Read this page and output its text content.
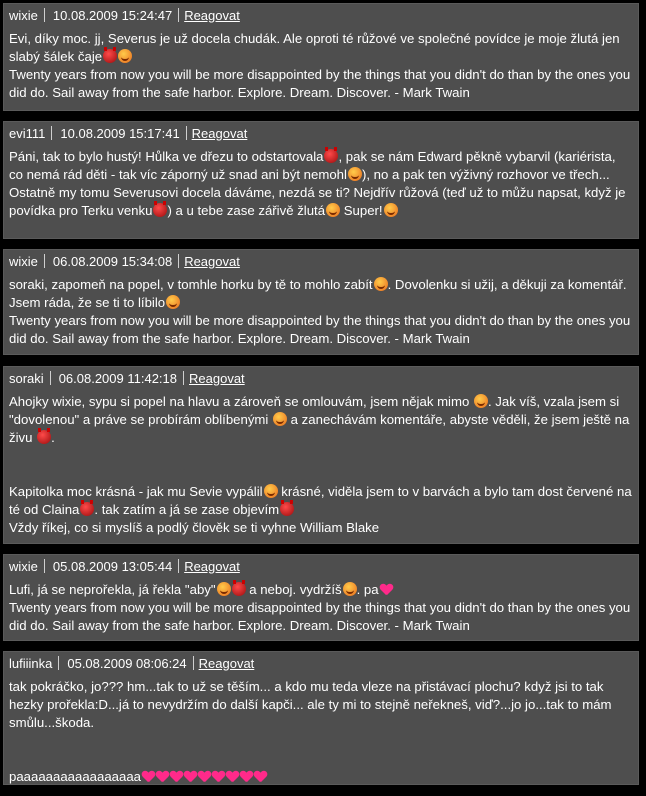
wixie	10.08.2009 15:24:47 Reagovat
Evi, díky moc. jj, Severus je už docela chudák. Ale oproti té růžové ve společné povídce je moje žlutá jen slabý šálek čaje
Twenty years from now you will be more disappointed by the things that you didn't do than by the ones you did do. Sail away from the safe harbor. Explore. Dream. Discover. - Mark Twain
evi111	10.08.2009 15:17:41 Reagovat
Páni, tak to bylo hustý! Hůlka ve dřezu to odstartovala , pak se nám Edward pěkně vybarvil (kariérista, co nemá rád děti - tak víc záporný už snad ani být nemohl ), no a pak ten výživný rozhovor ve třech... Ostatně my tomu Severusovi docela dáváme, nezdá se ti? Nejdřív růžová (teď už to můžu napsat, když je povídka pro Terku venku ) a u tebe zase zářivě žlutá Super!
wixie	06.08.2009 15:34:08 Reagovat
soraki, zapomeň na popel, v tomhle horku by tě to mohlo zabít . Dovolenku si užij, a děkuji za komentář. Jsem ráda, že se ti to líbilo
Twenty years from now you will be more disappointed by the things that you didn't do than by the ones you did do. Sail away from the safe harbor. Explore. Dream. Discover. - Mark Twain
soraki	06.08.2009 11:42:18 Reagovat
Ahojky wixie, sypu si popel na hlavu a zároveň se omlouvám, jsem nějak mimo . Jak víš, vzala jsem si "dovolenou" a práve se probírám oblíbenými  a zanechávám komentáře, abyste věděli, že jsem ještě na živu .
Kapitolka moc krásná - jak mu Sevie vypálil krásné, viděla jsem to v barvách a bylo tam dost červené na té od Claina . tak zatím a já se zase objevím
Vždy říkej, co si myslíš a podlý člověk se ti vyhne William Blake
wixie	05.08.2009 13:05:44 Reagovat
Lufi, já se neprořekla, já řekla "aby" a neboj. vydržíš . pa
Twenty years from now you will be more disappointed by the things that you didn't do than by the ones you did do. Sail away from the safe harbor. Explore. Dream. Discover. - Mark Twain
lufiiinka	05.08.2009 08:06:24 Reagovat
tak pokráčko, jo??? hm...tak to už se těším... a kdo mu teda vleze na přistávací plochu? když jsi to tak hezky prořekla:D...já to nevydržím do další kapči... ale ty mi to stejně neřekneš, viď?...jo jo...tak to mám smůlu...škoda.
paaaaaaaaaaaaaaaaa
